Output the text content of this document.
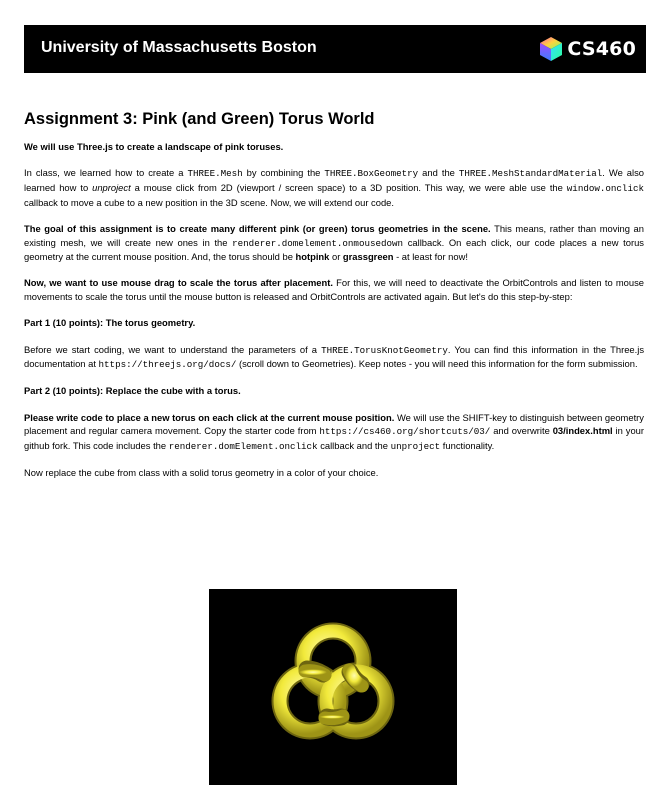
University of Massachusetts Boston	CS460
Assignment 3: Pink (and Green) Torus World

We will use Three.js to create a landscape of pink toruses.

In class, we learned how to create a THREE.Mesh by combining the THREE.BoxGeometry and the THREE.MeshStandardMaterial. We also learned how to unproject a mouse click from 2D (viewport / screen space) to a 3D position. This way, we were able use the window.onclick callback to move a cube to a new position in the 3D scene. Now, we will extend our code.

The goal of this assignment is to create many different pink (or green) torus geometries in the scene. This means, rather than moving an existing mesh, we will create new ones in the renderer.domelement.onmousedown callback. On each click, our code places a new torus geometry at the current mouse position. And, the torus should be hotpink or grassgreen - at least for now!

Now, we want to use mouse drag to scale the torus after placement. For this, we will need to deactivate the OrbitControls and listen to mouse movements to scale the torus until the mouse button is released and OrbitControls are activated again. But let's do this step-by-step:

Part 1 (10 points): The torus geometry.

Before we start coding, we want to understand the parameters of a THREE.TorusKnotGeometry. You can find this information in the Three.js documentation at https://threejs.org/docs/ (scroll down to Geometries). Keep notes - you will need this information for the form submission.

Part 2 (10 points): Replace the cube with a torus.

Please write code to place a new torus on each click at the current mouse position. We will use the SHIFT-key to distinguish between geometry placement and regular camera movement. Copy the starter code from https://cs460.org/shortcuts/03/ and overwrite 03/index.html in your github fork. This code includes the renderer.domElement.onclick callback and the unproject functionality.

Now replace the cube from class with a solid torus geometry in a color of your choice.
